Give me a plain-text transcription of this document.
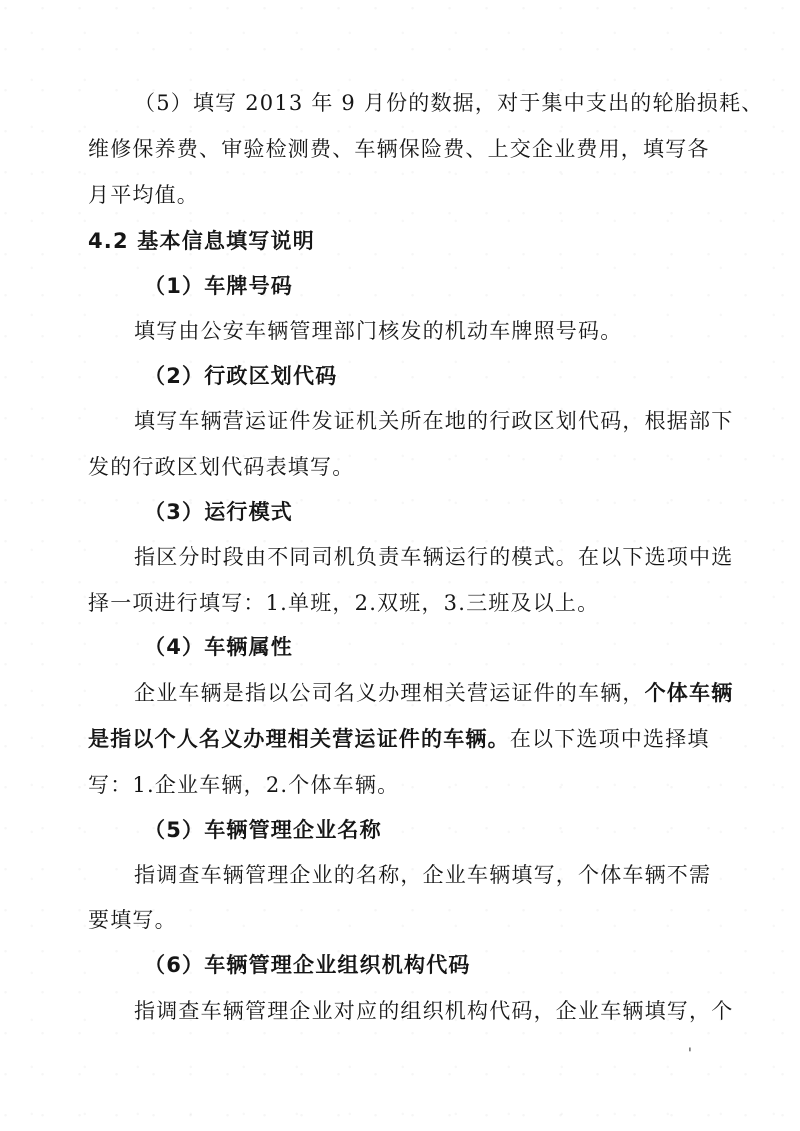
（5）填写 2013 年 9 月份的数据，对于集中支出的轮胎损耗、
维修保养费、审验检测费、车辆保险费、上交企业费用，填写各
月平均值。
4.2 基本信息填写说明
（1）车牌号码
填写由公安车辆管理部门核发的机动车牌照号码。
（2）行政区划代码
填写车辆营运证件发证机关所在地的行政区划代码，根据部下
发的行政区划代码表填写。
（3）运行模式
指区分时段由不同司机负责车辆运行的模式。在以下选项中选
择一项进行填写：1.单班，2.双班，3.三班及以上。
（4）车辆属性
企业车辆是指以公司名义办理相关营运证件的车辆，个体车辆
是指以个人名义办理相关营运证件的车辆。在以下选项中选择填
写：1.企业车辆，2.个体车辆。
（5）车辆管理企业名称
指调查车辆管理企业的名称，企业车辆填写，个体车辆不需
要填写。
（6）车辆管理企业组织机构代码
指调查车辆管理企业对应的组织机构代码，企业车辆填写，个
'
